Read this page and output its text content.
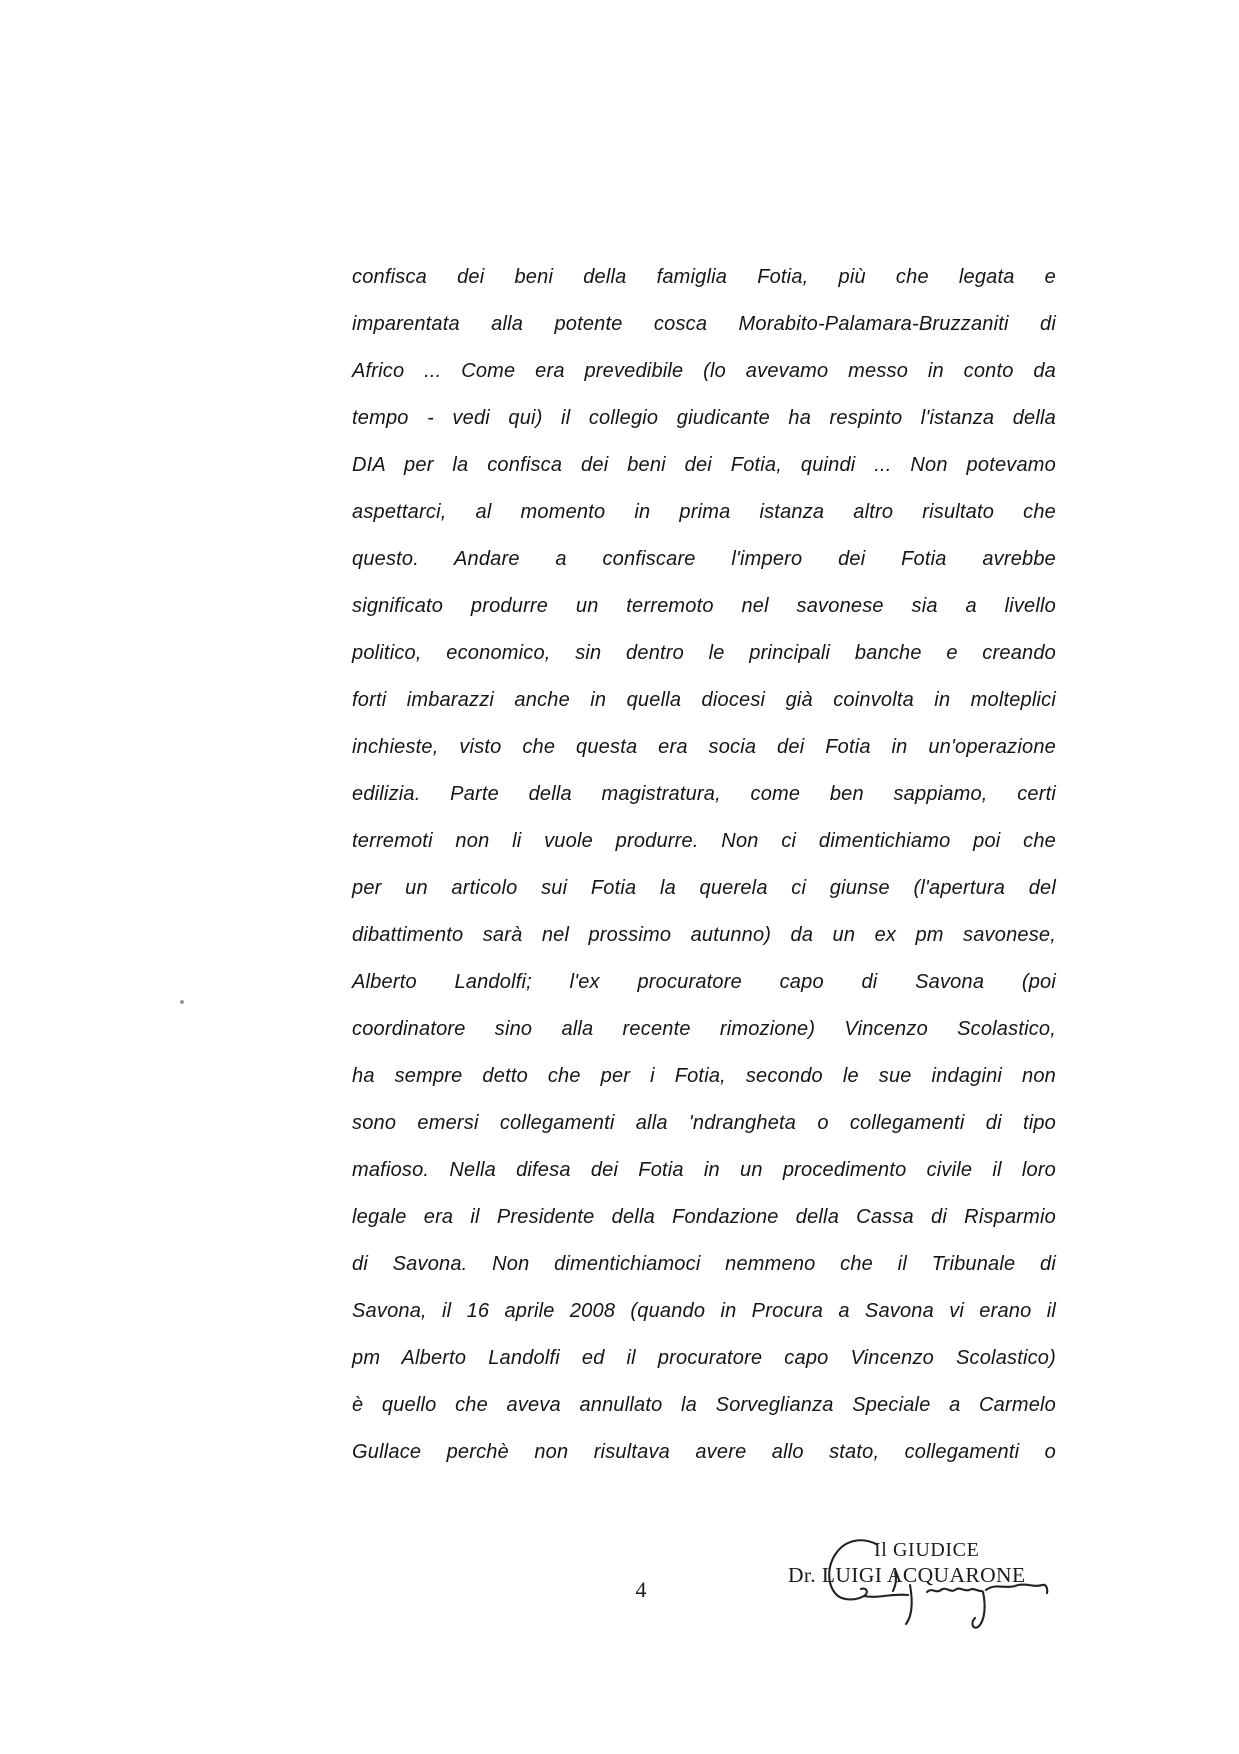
confisca dei beni della famiglia Fotia, più che legata e
imparentata alla potente cosca Morabito-Palamara-Bruzzaniti di
Africo ... Come era prevedibile (lo avevamo messo in conto da
tempo - vedi qui) il collegio giudicante ha respinto l'istanza della
DIA per la confisca dei beni dei Fotia, quindi ... Non potevamo
aspettarci, al momento in prima istanza altro risultato che
questo. Andare a confiscare l'impero dei Fotia avrebbe
significato produrre un terremoto nel savonese sia a livello
politico, economico, sin dentro le principali banche e creando
forti imbarazzi anche in quella diocesi già coinvolta in molteplici
inchieste, visto che questa era socia dei Fotia in un'operazione
edilizia. Parte della magistratura, come ben sappiamo, certi
terremoti non li vuole produrre. Non ci dimentichiamo poi che
per un articolo sui Fotia la querela ci giunse (l'apertura del
dibattimento sarà nel prossimo autunno) da un ex pm savonese,
Alberto Landolfi; l'ex procuratore capo di Savona (poi
coordinatore sino alla recente rimozione) Vincenzo Scolastico,
ha sempre detto che per i Fotia, secondo le sue indagini non
sono emersi collegamenti alla 'ndrangheta o collegamenti di tipo
mafioso. Nella difesa dei Fotia in un procedimento civile il loro
legale era il Presidente della Fondazione della Cassa di Risparmio
di Savona. Non dimentichiamoci nemmeno che il Tribunale di
Savona, il 16 aprile 2008 (quando in Procura a Savona vi erano il
pm Alberto Landolfi ed il procuratore capo Vincenzo Scolastico)
è quello che aveva annullato la Sorveglianza Speciale a Carmelo
Gullace perchè non risultava avere allo stato, collegamenti o
4
Il GIUDICE
Dr. LUIGI ACQUARONE
